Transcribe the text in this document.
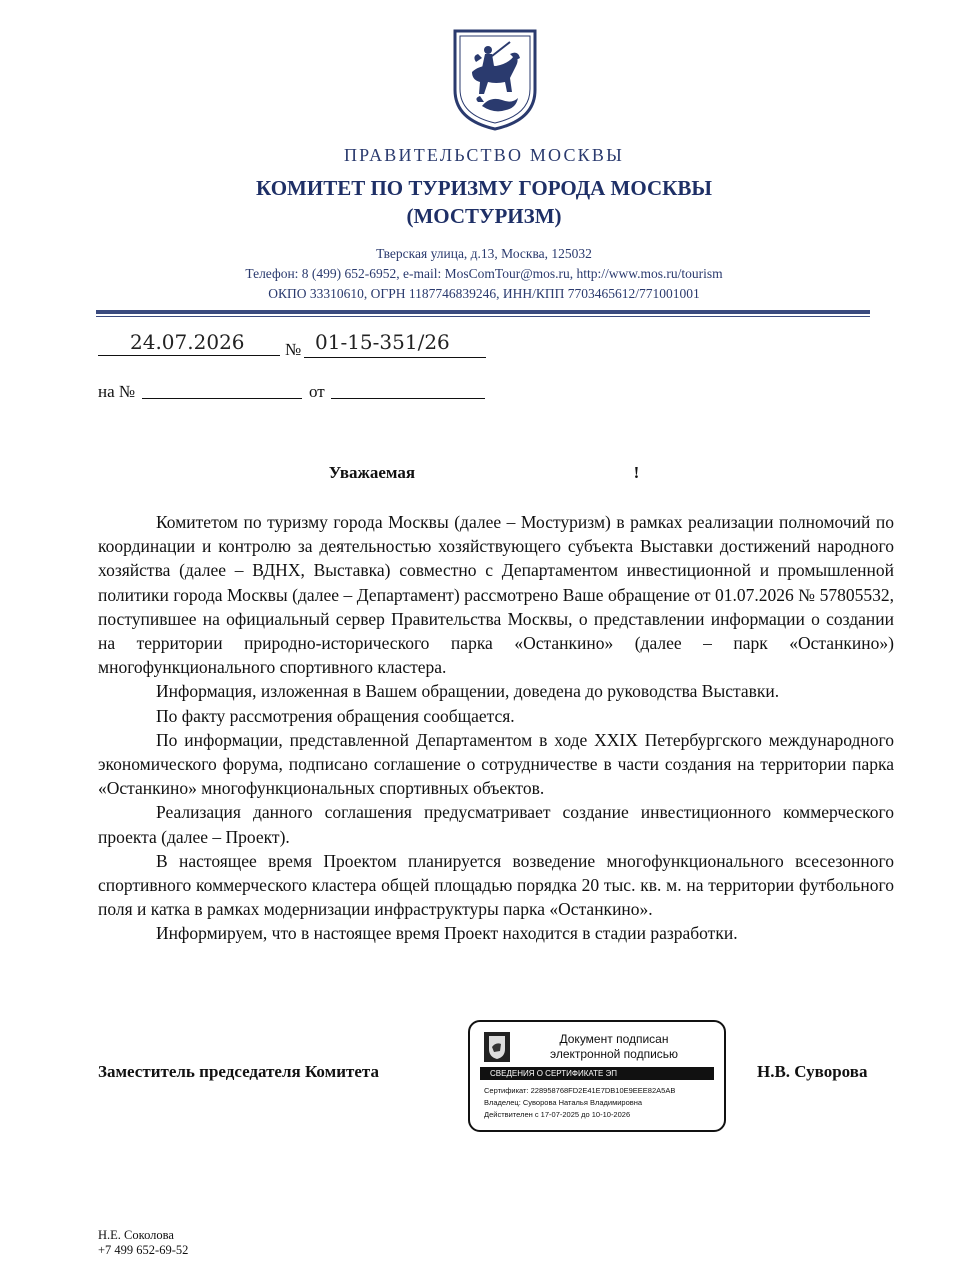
ПРАВИТЕЛЬСТВО МОСКВЫ
КОМИТЕТ ПО ТУРИЗМУ ГОРОДА МОСКВЫ
(МОСТУРИЗМ)
Тверская улица, д.13, Москва, 125032
Телефон: 8 (499) 652-6952, e-mail: MosComTour@mos.ru, http://www.mos.ru/tourism
ОКПО 33310610, ОГРН 1187746839246, ИНН/КПП 7703465612/771001001
24.07.2026 № 01-15-351/26
на №	от
Уважаемая	!

Комитетом по туризму города Москвы (далее – Мостуризм) в рамках реализации полномочий по координации и контролю за деятельностью хозяйствующего субъекта Выставки достижений народного хозяйства (далее – ВДНХ, Выставка) совместно с Департаментом инвестиционной и промышленной политики города Москвы (далее – Департамент) рассмотрено Ваше обращение от 01.07.2026 № 57805532, поступившее на официальный сервер Правительства Москвы, о представлении информации о создании на территории природно-исторического парка «Останкино» (далее – парк «Останкино») многофункционального спортивного кластера.

Информация, изложенная в Вашем обращении, доведена до руководства Выставки.

По факту рассмотрения обращения сообщается.

По информации, представленной Департаментом в ходе XXIX Петербургского международного экономического форума, подписано соглашение о сотрудничестве в части создания на территории парка «Останкино» многофункциональных спортивных объектов.

Реализация данного соглашения предусматривает создание инвестиционного коммерческого проекта (далее – Проект).

В настоящее время Проектом планируется возведение многофункционального всесезонного спортивного коммерческого кластера общей площадью порядка 20 тыс. кв. м. на территории футбольного поля и катка в рамках модернизации инфраструктуры парка «Останкино».

Информируем, что в настоящее время Проект находится в стадии разработки.

Заместитель председателя Комитета	Н.В. Суворова
Документ подписан
электронной подписью
СВЕДЕНИЯ О СЕРТИФИКАТЕ ЭП
Сертификат: 228958768FD2E41E7DB10E9EEE82A5AB
Владелец: Суворова Наталья Владимировна
Действителен с 17-07-2025 до 10-10-2026
Н.Е. Соколова
+7 499 652-69-52
